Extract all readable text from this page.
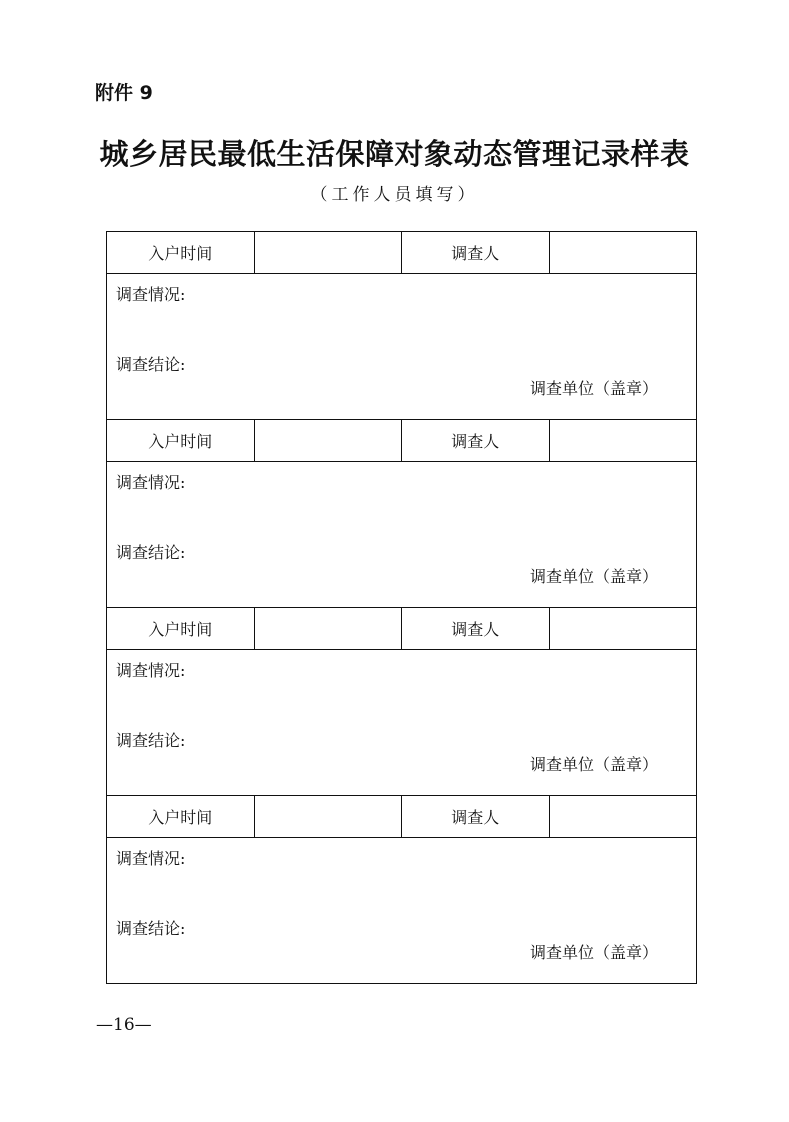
附件 9
城乡居民最低生活保障对象动态管理记录样表
（工作人员填写）
入户时间	调查人
调查情况:
调查结论:
调查单位（盖章）
入户时间	调查人
调查情况:
调查结论:
调查单位（盖章）
入户时间	调查人
调查情况:
调查结论:
调查单位（盖章）
入户时间	调查人
调查情况:
调查结论:
调查单位（盖章）
—16—
